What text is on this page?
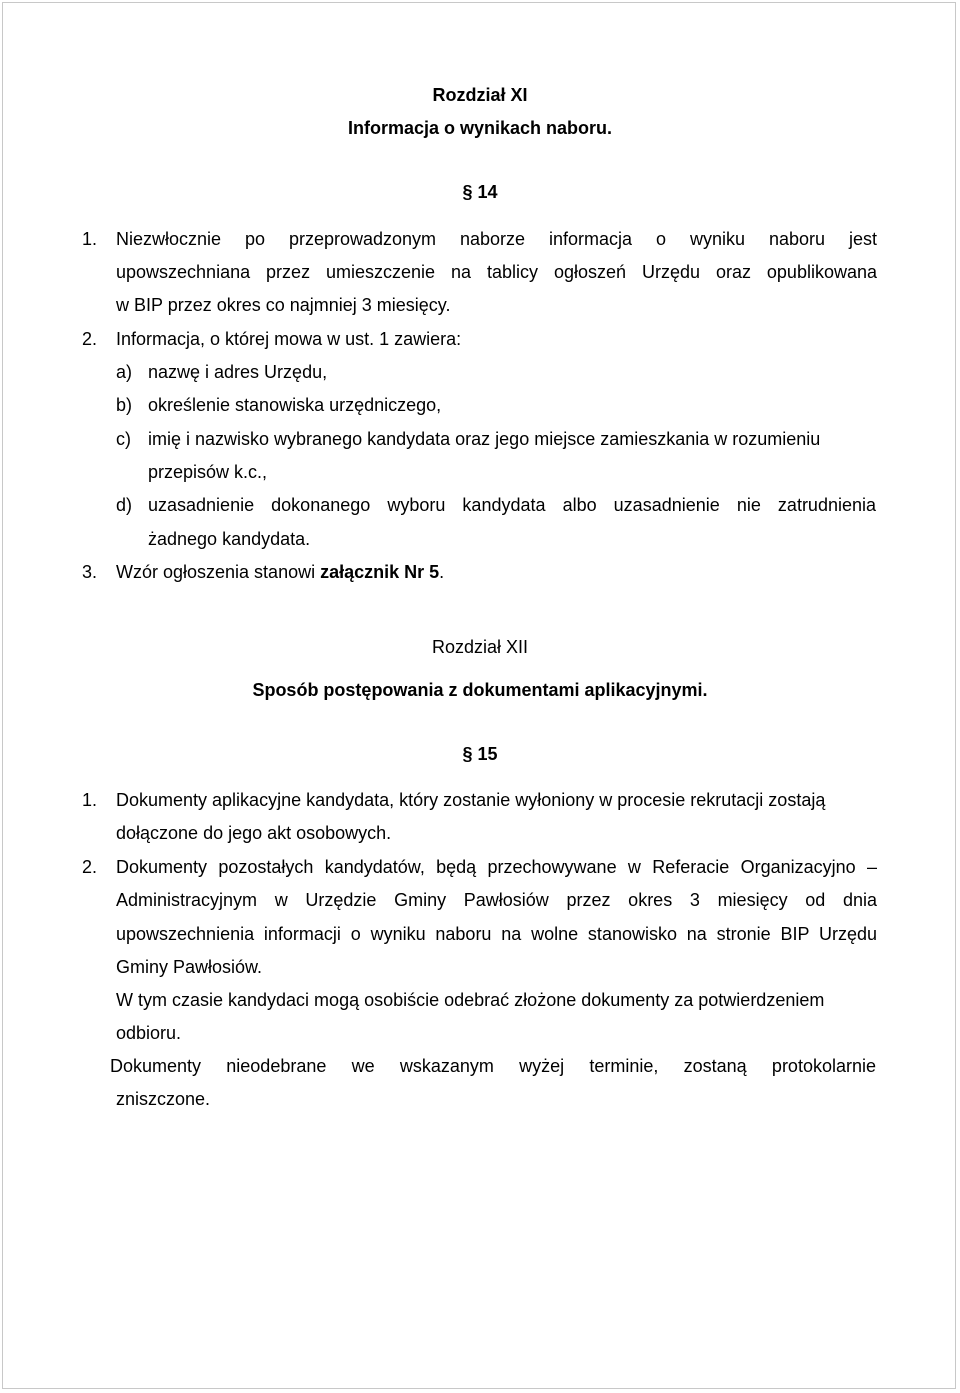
Rozdział XI
Informacja o wynikach naboru.
§ 14
1. Niezwłocznie po przeprowadzonym naborze informacja o wyniku naboru jest
upowszechniana przez umieszczenie na tablicy ogłoszeń Urzędu oraz opublikowana
w BIP przez okres co najmniej 3 miesięcy.
2. Informacja, o której mowa w ust. 1 zawiera:
a) nazwę i adres Urzędu,
b) określenie stanowiska urzędniczego,
c) imię i nazwisko wybranego kandydata oraz jego miejsce zamieszkania w rozumieniu
przepisów k.c.,
d) uzasadnienie dokonanego wyboru kandydata albo uzasadnienie nie zatrudnienia
żadnego kandydata.
3. Wzór ogłoszenia stanowi załącznik Nr 5.
Rozdział XII
Sposób postępowania z dokumentami aplikacyjnymi.
§ 15
1. Dokumenty aplikacyjne kandydata, który zostanie wyłoniony w procesie rekrutacji zostają
dołączone do jego akt osobowych.
2. Dokumenty pozostałych kandydatów, będą przechowywane w Referacie Organizacyjno –
Administracyjnym w Urzędzie Gminy Pawłosiów przez okres 3 miesięcy od dnia
upowszechnienia informacji o wyniku naboru na wolne stanowisko na stronie BIP Urzędu
Gminy Pawłosiów.
W tym czasie kandydaci mogą osobiście odebrać złożone dokumenty za potwierdzeniem
odbioru.
Dokumenty nieodebrane we wskazanym wyżej terminie, zostaną protokolarnie
zniszczone.
